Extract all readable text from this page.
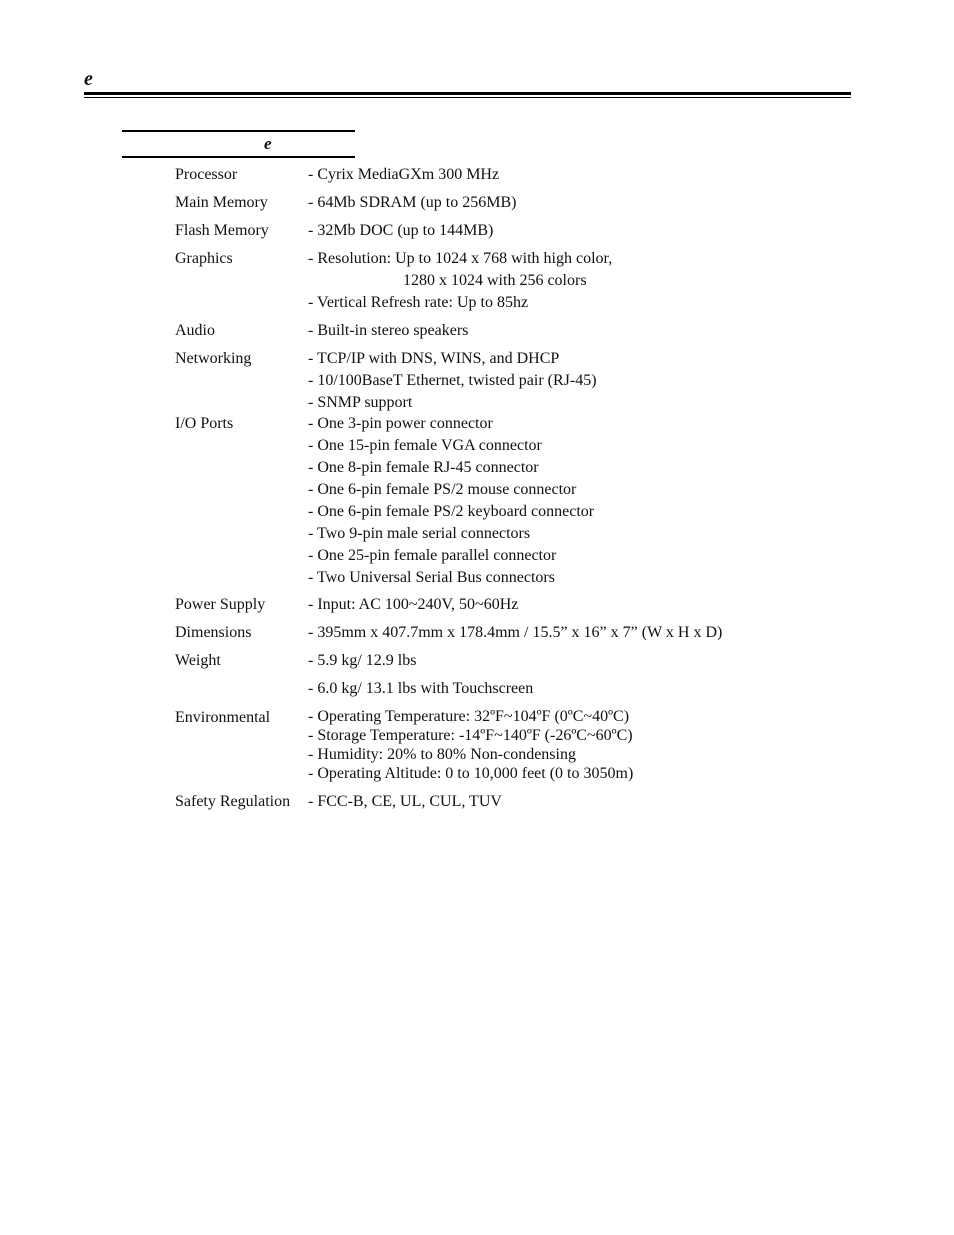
e
e
Processor	- Cyrix MediaGXm 300 MHz
Main Memory	- 64Mb SDRAM (up to 256MB)
Flash Memory - 32Mb DOC (up to 144MB)
Graphics	- Resolution: Up to 1024 x 768 with high color,
1280 x 1024 with 256 colors
- Vertical Refresh rate: Up to 85hz
Audio	- Built-in stereo speakers
Networking	- TCP/IP with DNS, WINS, and DHCP
- 10/100BaseT Ethernet, twisted pair (RJ-45)
- SNMP support
I/O Ports	- One 3-pin power connector
- One 15-pin female VGA connector
- One 8-pin female RJ-45 connector
- One 6-pin female PS/2 mouse connector
- One 6-pin female PS/2 keyboard connector
- Two 9-pin male serial connectors
- One 25-pin female parallel connector
- Two Universal Serial Bus connectors
Power Supply	- Input: AC 100~240V, 50~60Hz
Dimensions	- 395mm x 407.7mm x 178.4mm / 15.5” x 16” x 7” (W x H x D)
Weight	- 5.9 kg/ 12.9 lbs
- 6.0 kg/ 13.1 lbs with Touchscreen
Environmental - Operating Temperature: 32ºF~104ºF (0ºC~40ºC)
- Storage Temperature: -14ºF~140ºF (-26ºC~60ºC)
- Humidity: 20% to 80% Non-condensing
- Operating Altitude: 0 to 10,000 feet (0 to 3050m)
Safety Regulation - FCC-B, CE, UL, CUL, TUV
